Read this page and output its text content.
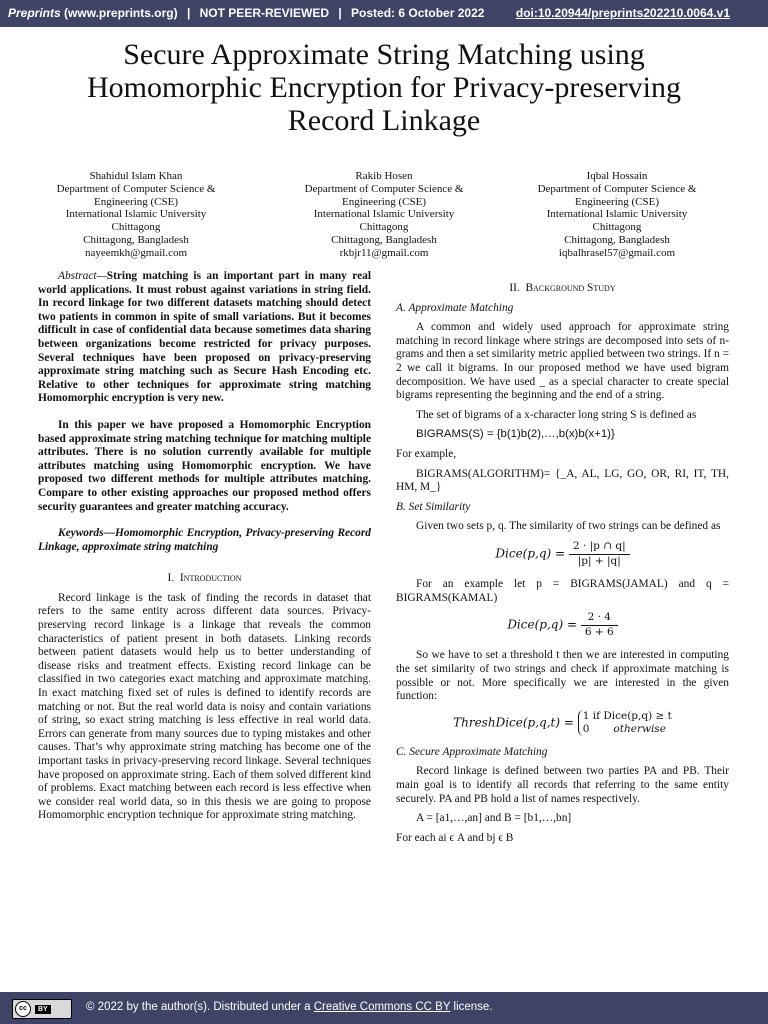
Preprints (www.preprints.org) | NOT PEER-REVIEWED | Posted: 6 October 2022	doi:10.20944/preprints202210.0064.v1
Secure Approximate String Matching using Homomorphic Encryption for Privacy-preserving Record Linkage
Shahidul Islam Khan
Department of Computer Science &
Engineering (CSE)
International Islamic University
Chittagong
Chittagong, Bangladesh
nayeemkh@gmail.com
Rakib Hosen
Department of Computer Science &
Engineering (CSE)
International Islamic University
Chittagong
Chittagong, Bangladesh
rkbjr11@gmail.com
Iqbal Hossain
Department of Computer Science &
Engineering (CSE)
International Islamic University
Chittagong
Chittagong, Bangladesh
iqbalhrasel57@gmail.com

Abstract—String matching is an important part in many real world applications. It must robust against variations in string field. In record linkage for two different datasets matching should detect two patients in common in spite of small variations. But it becomes difficult in case of confidential data because sometimes data sharing between organizations become restricted for privacy purposes. Several techniques have been proposed on privacy-preserving approximate string matching such as Secure Hash Encoding etc. Relative to other techniques for approximate string matching Homomorphic encryption is very new.

In this paper we have proposed a Homomorphic Encryption based approximate string matching technique for matching multiple attributes. There is no solution currently available for multiple attributes matching using Homomorphic encryption. We have proposed two different methods for multiple attributes matching. Compare to other existing approaches our proposed method offers security guarantees and greater matching accuracy.

Keywords—Homomorphic Encryption, Privacy-preserving Record Linkage, approximate string matching

I. Introduction

Record linkage is the task of finding the records in dataset that refers to the same entity across different data sources. Privacy-preserving record linkage is a linkage that reveals the common characteristics of patient present in both datasets. Linking records between patient datasets would help us to better understanding of disease risks and treatment effects. Existing record linkage can be classified in two categories exact matching and approximate matching. In exact matching fixed set of rules is defined to identify records are matching or not. But the real world data is noisy and contain variations of string, so exact string matching is less effective in real world data. Errors can generate from many sources due to typing mistakes and other causes. That’s why approximate string matching has become one of the important tasks in privacy-preserving record linkage. Several techniques have proposed on approximate string. Each of them solved different kind of problems. Exact matching between each record is less effective when we consider real world data, so in this thesis we are going to propose Homomorphic encryption technique for approximate string matching.

II. Background Study

A. Approximate Matching

A common and widely used approach for approximate string matching in record linkage where strings are decomposed into sets of n-grams and then a set similarity metric applied between two strings. If n = 2 we call it bigrams. In our proposed method we have used bigram decomposition. We have used _ as a special character to create special bigrams representing the beginning and the end of a string.

The set of bigrams of a x-character long string S is defined as

BIGRAMS(S) = {b(1)b(2),…,b(x)b(x+1)}

For example,

BIGRAMS(ALGORITHM)= {_A, AL, LG, GO, OR, RI, IT, TH, HM, M_}

B. Set Similarity

Given two sets p, q. The similarity of two strings can be defined as

Dice(p,q) = $\frac{2 \cdot |p \cap q|}{|p| + |q|}$

For an example let p = BIGRAMS(JAMAL) and q = BIGRAMS(KAMAL)

Dice(p,q) = $\frac{2 \cdot 4}{6 + 6}$

So we have to set a threshold t then we are interested in computing the set similarity of two strings and check if approximate matching is possible or not. More specifically we are interested in the given function:

ThreshDice(p,q,t) = 1 if Dice(p,q) ≥ t
0 otherwise

C. Secure Approximate Matching

Record linkage is defined between two parties PA and PB. Their main goal is to identify all records that referring to the same entity securely. PA and PB hold a list of names respectively.

A = [a1,…,an] and B = [b1,…,bn]

For each ai ϵ A and bj ϵ B

cc	BY	© 2022 by the author(s). Distributed under a Creative Commons CC BY license.
